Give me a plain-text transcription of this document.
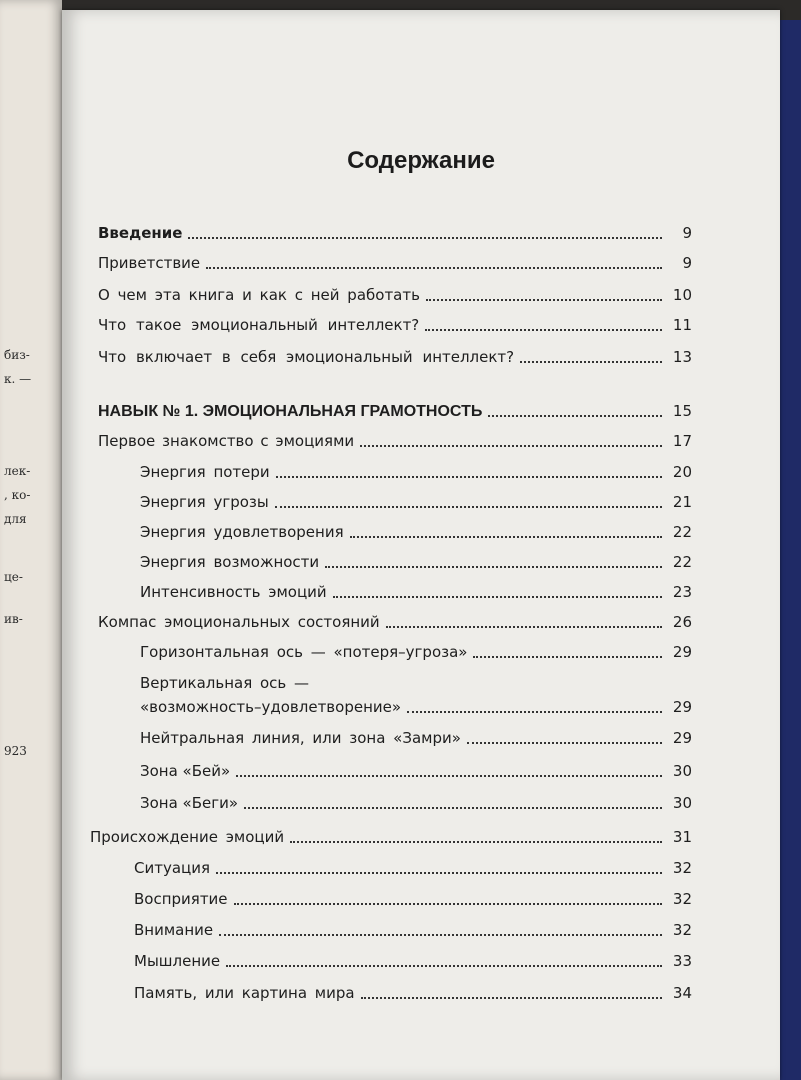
биз-
к. —
лек-
, ко-
для
це-
ив-
923
Содержание
Введение	9
Приветствие	9
О чем эта книга и как с ней работать	10
Что такое эмоциональный интеллект?	11
Что включает в себя эмоциональный интеллект?	13
НАВЫК № 1. ЭМОЦИОНАЛЬНАЯ ГРАМОТНОСТЬ	15
Первое знакомство с эмоциями	17
Энергия потери	20
Энергия угрозы	21
Энергия удовлетворения	22
Энергия возможности	22
Интенсивность эмоций	23
Компас эмоциональных состояний	26
Горизонтальная ось — «потеря–угроза»	29
Вертикальная ось —
«возможность–удовлетворение»	29
Нейтральная линия, или зона «Замри»	29
Зона «Бей»	30
Зона «Беги»	30
Происхождение эмоций	31
Ситуация	32
Восприятие	32
Внимание	32
Мышление	33
Память, или картина мира	34
